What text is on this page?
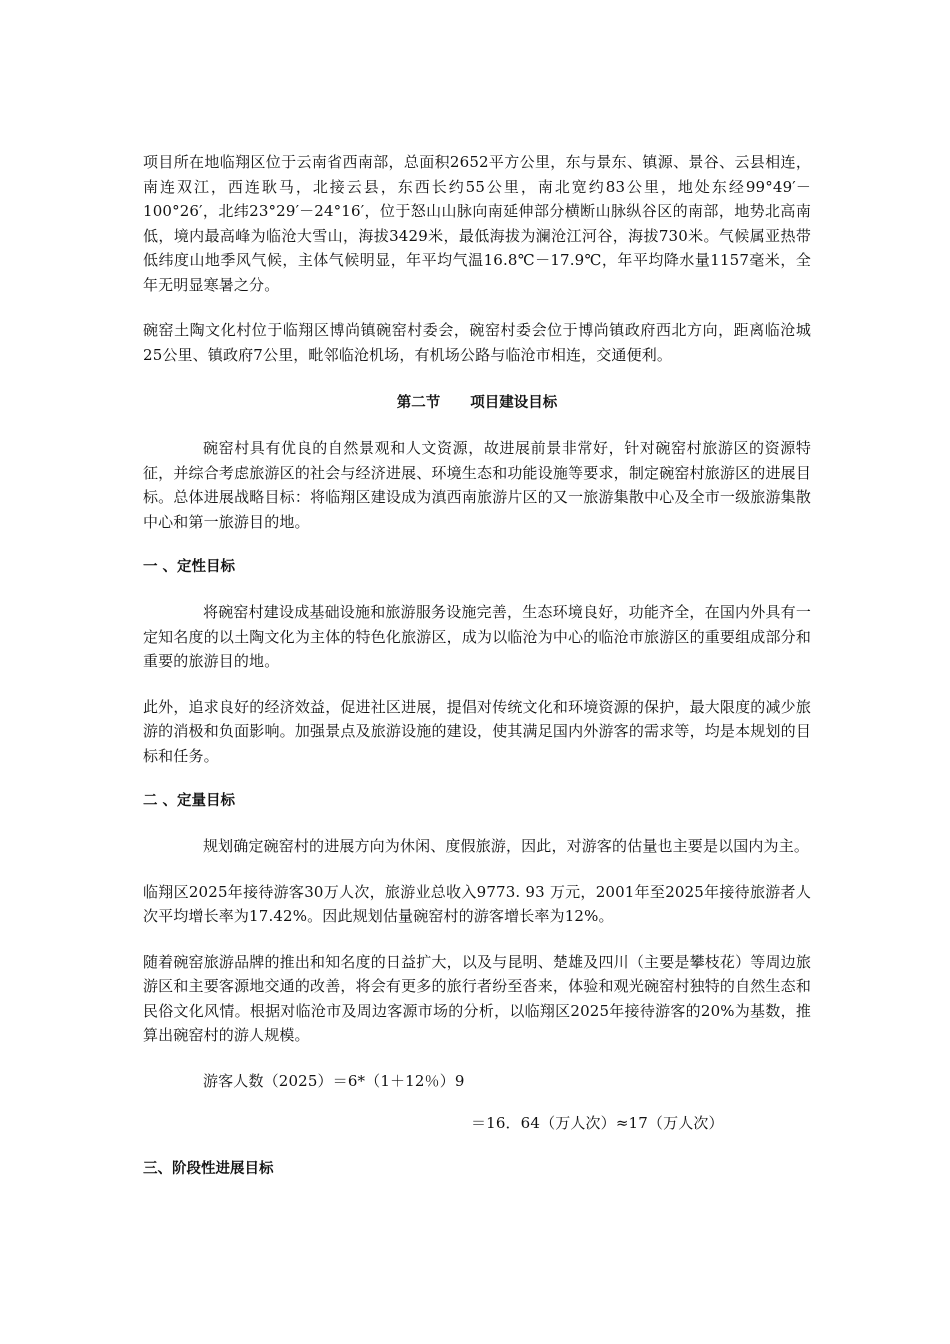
项目所在地临翔区位于云南省西南部，总面积2652平方公里，东与景东、镇源、景谷、云县相连，南连双江，西连耿马，北接云县，东西长约55公里，南北宽约83公里，地处东经99°49′－100°26′，北纬23°29′－24°16′，位于怒山山脉向南延伸部分横断山脉纵谷区的南部，地势北高南低，境内最高峰为临沧大雪山，海拔3429米，最低海拔为澜沧江河谷，海拔730米。气候属亚热带低纬度山地季风气候，主体气候明显，年平均气温16.8℃－17.9℃，年平均降水量1157毫米，全年无明显寒暑之分。

碗窑土陶文化村位于临翔区博尚镇碗窑村委会，碗窑村委会位于博尚镇政府西北方向，距离临沧城25公里、镇政府7公里，毗邻临沧机场，有机场公路与临沧市相连，交通便利。

第二节 项目建设目标

碗窑村具有优良的自然景观和人文资源，故进展前景非常好，针对碗窑村旅游区的资源特征，并综合考虑旅游区的社会与经济进展、环境生态和功能设施等要求，制定碗窑村旅游区的进展目标。总体进展战略目标：将临翔区建设成为滇西南旅游片区的又一旅游集散中心及全市一级旅游集散中心和第一旅游目的地。

一 、定性目标

将碗窑村建设成基础设施和旅游服务设施完善，生态环境良好，功能齐全，在国内外具有一定知名度的以土陶文化为主体的特色化旅游区，成为以临沧为中心的临沧市旅游区的重要组成部分和重要的旅游目的地。

此外，追求良好的经济效益，促进社区进展，提倡对传统文化和环境资源的保护，最大限度的减少旅游的消极和负面影响。加强景点及旅游设施的建设，使其满足国内外游客的需求等，均是本规划的目标和任务。

二 、定量目标

规划确定碗窑村的进展方向为休闲、度假旅游，因此，对游客的估量也主要是以国内为主。

临翔区2025年接待游客30万人次，旅游业总收入9773. 93 万元，2001年至2025年接待旅游者人次平均增长率为17.42%。因此规划估量碗窑村的游客增长率为12%。

随着碗窑旅游品牌的推出和知名度的日益扩大，以及与昆明、楚雄及四川（主要是攀枝花）等周边旅游区和主要客源地交通的改善，将会有更多的旅行者纷至沓来，体验和观光碗窑村独特的自然生态和民俗文化风情。根据对临沧市及周边客源市场的分析，以临翔区2025年接待游客的20%为基数，推算出碗窑村的游人规模。

游客人数（2025）＝6*（1＋12％）9

＝16．64（万人次）≈17（万人次）

三、阶段性进展目标
